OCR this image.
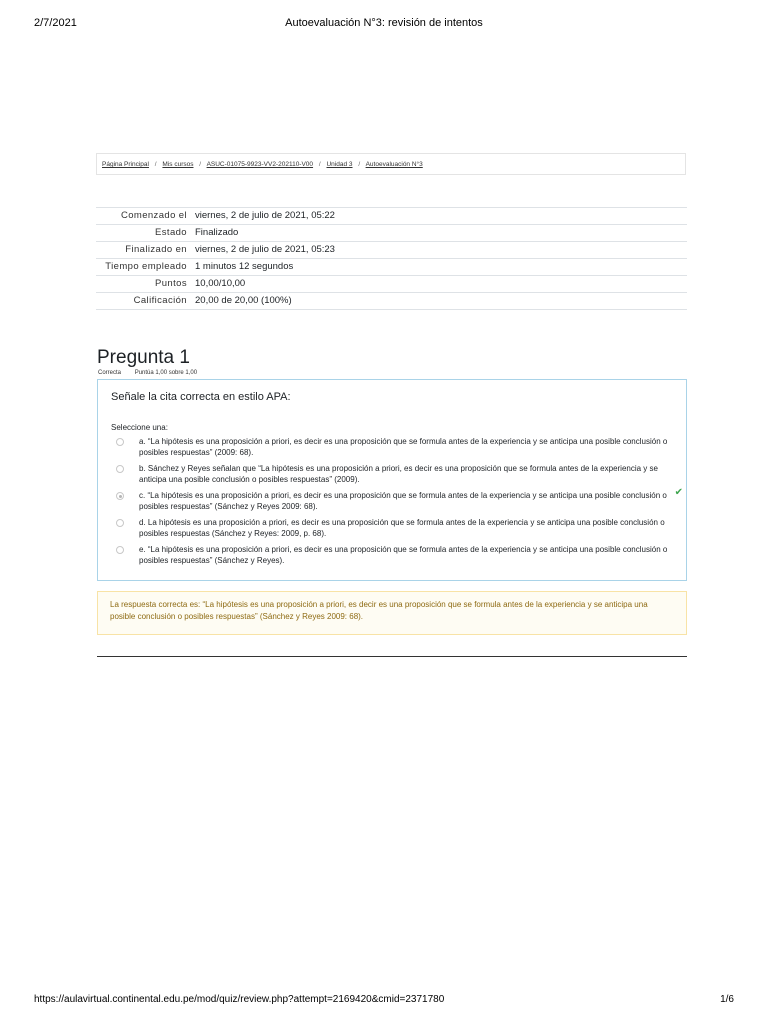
2/7/2021	Autoevaluación N°3: revisión de intentos
Página Principal / Mis cursos / ASUC-01075-9923-VV2-202110-V00 / Unidad 3 / Autoevaluación N°3
Comenzado el	viernes, 2 de julio de 2021, 05:22
Estado	Finalizado
Finalizado en	viernes, 2 de julio de 2021, 05:23
Tiempo empleado	1 minutos 12 segundos
Puntos	10,00/10,00
Calificación	20,00 de 20,00 (100%)
Pregunta 1
Correcta Puntúa 1,00 sobre 1,00
Señale la cita correcta en estilo APA:
Seleccione una:
a. “La hipótesis es una proposición a priori, es decir es una proposición que se formula antes de la experiencia y se anticipa una posible conclusión o posibles respuestas” (2009: 68).
b. Sánchez y Reyes señalan que “La hipótesis es una proposición a priori, es decir es una proposición que se formula antes de la experiencia y se anticipa una posible conclusión o posibles respuestas” (2009).
c. “La hipótesis es una proposición a priori, es decir es una proposición que se formula antes de la experiencia y se anticipa una posible conclusión o posibles respuestas” (Sánchez y Reyes 2009: 68).
✔
d. La hipótesis es una proposición a priori, es decir es una proposición que se formula antes de la experiencia y se anticipa una posible conclusión o posibles respuestas (Sánchez y Reyes: 2009, p. 68).
e. “La hipótesis es una proposición a priori, es decir es una proposición que se formula antes de la experiencia y se anticipa una posible conclusión o posibles respuestas” (Sánchez y Reyes).
La respuesta correcta es: “La hipótesis es una proposición a priori, es decir es una proposición que se formula antes de la experiencia y se anticipa una posible conclusión o posibles respuestas” (Sánchez y Reyes 2009: 68).
https://aulavirtual.continental.edu.pe/mod/quiz/review.php?attempt=2169420&cmid=2371780	1/6
